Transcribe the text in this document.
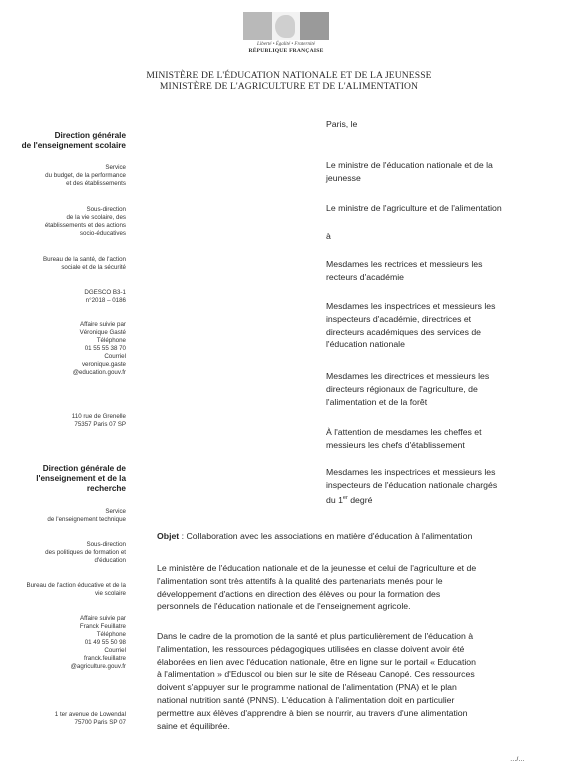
Liberté • Égalité • Fraternité
RÉPUBLIQUE FRANÇAISE
MINISTÈRE DE L'ÉDUCATION NATIONALE ET DE LA JEUNESSE
MINISTÈRE DE L'AGRICULTURE ET DE L'ALIMENTATION
Direction générale
de l'enseignement scolaire
Service
du budget, de la performance
et des établissements
Sous-direction
de la vie scolaire, des
établissements et des actions
socio-éducatives
Bureau de la santé, de l'action
sociale et de la sécurité
DGESCO B3-1
n°2018 – 0186
Affaire suivie par
Véronique Gasté
Téléphone
01 55 55 38 70
Courriel
veronique.gaste
@education.gouv.fr
110 rue de Grenelle
75357 Paris 07 SP
Direction générale de
l'enseignement et de la
recherche
Service
de l'enseignement technique
Sous-direction
des politiques de formation et
d'éducation
Bureau de l'action éducative et de la
vie scolaire
Affaire suivie par
Franck Feuillatre
Téléphone
01 49 55 50 98
Courriel
franck.feuillatre
@agriculture.gouv.fr
1 ter avenue de Lowendal
75700 Paris SP 07
Paris, le
Le ministre de l'éducation nationale et de la
jeunesse
Le ministre de l'agriculture et de l'alimentation
à
Mesdames les rectrices et messieurs les
recteurs d'académie
Mesdames les inspectrices et messieurs les
inspecteurs d'académie, directrices et
directeurs académiques des services de
l'éducation nationale
Mesdames les directrices et messieurs les
directeurs régionaux de l'agriculture, de
l'alimentation et de la forêt
À l'attention de mesdames les cheffes et
messieurs les chefs d'établissement
Mesdames les inspectrices et messieurs les
inspecteurs de l'éducation nationale chargés
du 1er degré
Objet : Collaboration avec les associations en matière d'éducation à l'alimentation
Le ministère de l'éducation nationale et de la jeunesse et celui de l'agriculture et de
l'alimentation sont très attentifs à la qualité des partenariats menés pour le
développement d'actions en direction des élèves ou pour la formation des
personnels de l'éducation nationale et de l'enseignement agricole.
Dans le cadre de la promotion de la santé et plus particulièrement de l'éducation à
l'alimentation, les ressources pédagogiques utilisées en classe doivent avoir été
élaborées en lien avec l'éducation nationale, être en ligne sur le portail « Education
à l'alimentation » d'Eduscol ou bien sur le site de Réseau Canopé. Ces ressources
doivent s'appuyer sur le programme national de l'alimentation (PNA) et le plan
national nutrition santé (PNNS). L'éducation à l'alimentation doit en particulier
permettre aux élèves d'apprendre à bien se nourrir, au travers d'une alimentation
saine et équilibrée.
…/…
